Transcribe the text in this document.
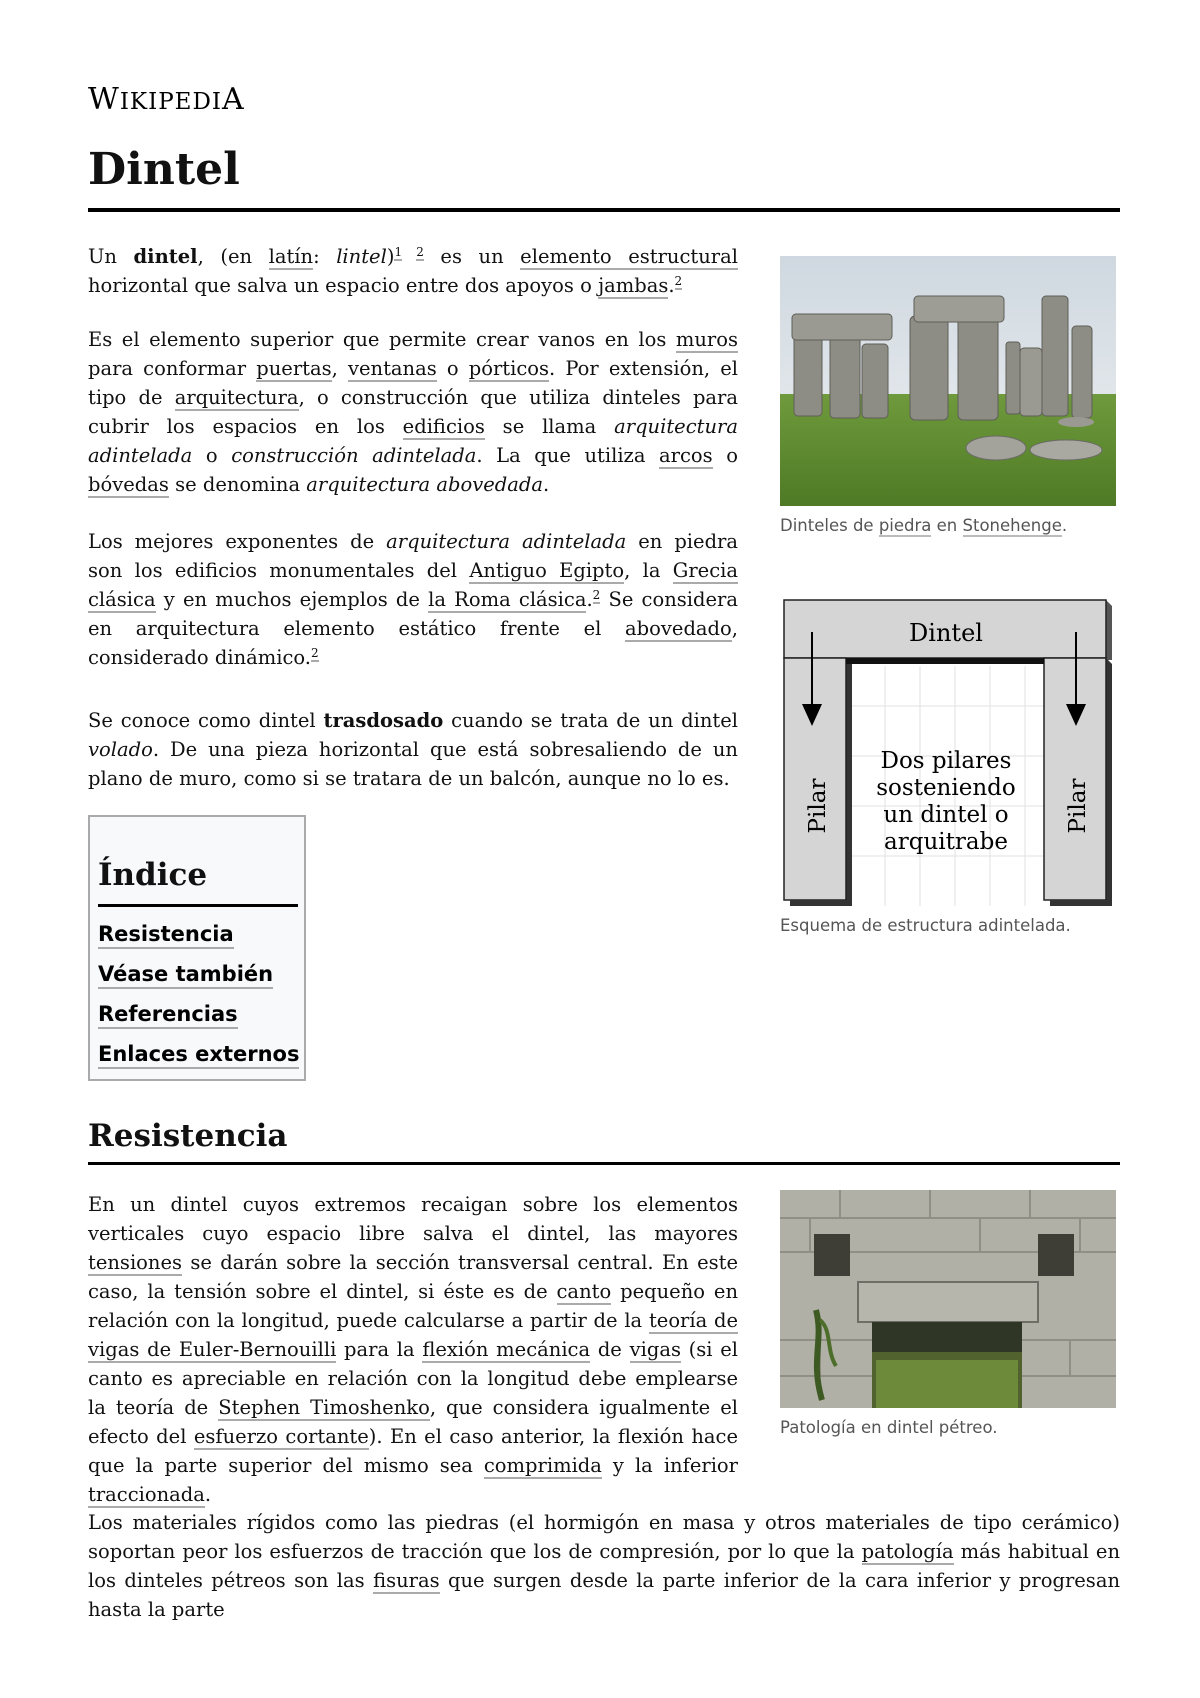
WIKIPEDIA
Dintel

Un dintel, (en latín: lintel)$^{1 2}$ es un elemento estructural horizontal que salva un espacio entre dos apoyos o jambas.$^2$

Es el elemento superior que permite crear vanos en los muros para conformar puertas, ventanas o pórticos. Por extensión, el tipo de arquitectura, o construcción que utiliza dinteles para cubrir los espacios en los edificios se llama arquitectura adintelada o construcción adintelada. La que utiliza arcos o bóvedas se denomina arquitectura abovedada.

Los mejores exponentes de arquitectura adintelada en piedra son los edificios monumentales del Antiguo Egipto, la Grecia clásica y en muchos ejemplos de la Roma clásica.$^2$ Se considera en arquitectura elemento estático frente el abovedado, considerado dinámico.$^2$

Se conoce como dintel trasdosado cuando se trata de un dintel volado. De una pieza horizontal que está sobresaliendo de un plano de muro, como si se tratara de un balcón, aunque no lo es.

Dinteles de piedra en Stonehenge.
Dintel
Pilar	Pilar
Dos pilares
sosteniendo
un dintel o
arquitrabe
Esquema de estructura adintelada.
Índice
Resistencia
Véase también
Referencias
Enlaces externos
Resistencia

En un dintel cuyos extremos recaigan sobre los elementos verticales cuyo espacio libre salva el dintel, las mayores tensiones se darán sobre la sección transversal central. En este caso, la tensión sobre el dintel, si éste es de canto pequeño en relación con la longitud, puede calcularse a partir de la teoría de vigas de Euler-Bernouilli para la flexión mecánica de vigas (si el canto es apreciable en relación con la longitud debe emplearse la teoría de Stephen Timoshenko, que considera igualmente el efecto del esfuerzo cortante). En el caso anterior, la flexión hace que la parte superior del mismo sea comprimida y la inferior traccionada.

Patología en dintel pétreo.

Los materiales rígidos como las piedras (el hormigón en masa y otros materiales de tipo cerámico) soportan peor los esfuerzos de tracción que los de compresión, por lo que la patología más habitual en los dinteles pétreos son las fisuras que surgen desde la parte inferior de la cara inferior y progresan hasta la parte
